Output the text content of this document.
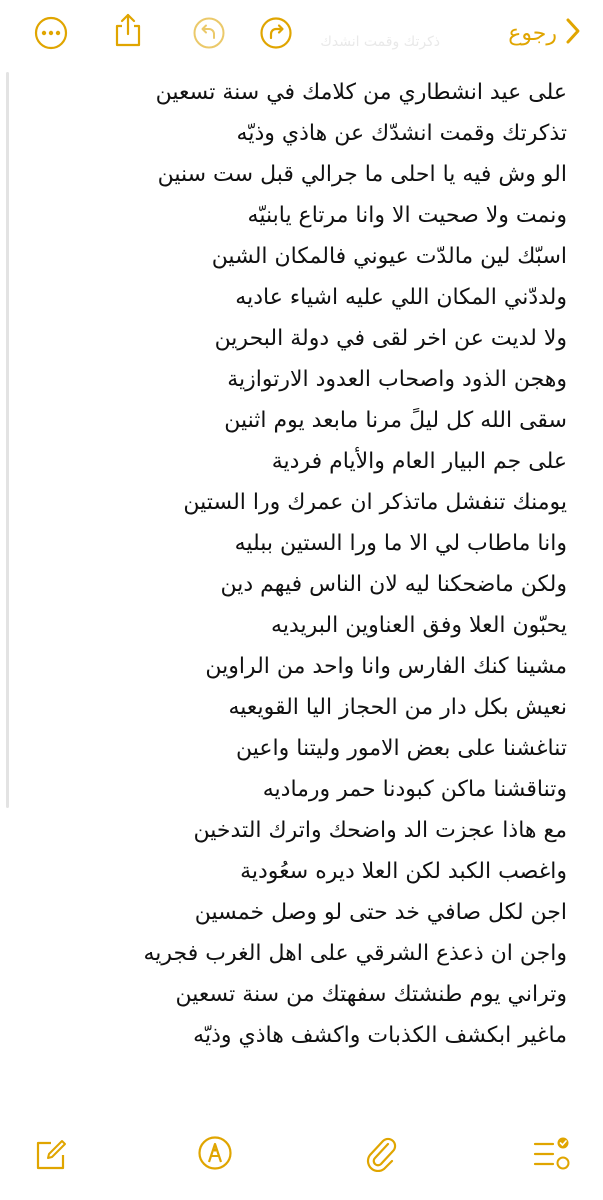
ذكرتك وقمت انشدك	رجوع
على عيد انشطاري من كلامك في سنة تسعين
تذكرتك وقمت انشدّك عن هاذي وذيّه
الو وش فيه يا احلى ما جرالي قبل ست سنين
ونمت ولا صحيت الا وانا مرتاع يابنيّه
اسبّك لين مالدّت عيوني فالمكان الشين
ولددّني المكان اللي عليه اشياء عاديه
ولا لديت عن اخر لقى في دولة البحرين
وهجن الذود واصحاب العدود الارتوازية
سقى الله كل ليلً مرنا مابعد يوم اثنين
على جم البيار العام والأيام فردية
يومنك تنفشل ماتذكر ان عمرك ورا الستين
وانا ماطاب لي الا ما ورا الستين ببليه
ولكن ماضحكنا ليه لان الناس فيهم دين
يحبّون العلا وفق العناوين البريديه
مشينا كنك الفارس وانا واحد من الراوين
نعيش بكل دار من الحجاز اليا القويعيه
تناغشنا على بعض الامور وليتنا واعين
وتناقشنا ماكن كبودنا حمر ورماديه
مع هاذا عجزت الد واضحك واترك التدخين
واغصب الكبد لكن العلا ديره سعُودية
اجن لكل صافي خد حتى لو وصل خمسين
واجن ان ذعذع الشرقي على اهل الغرب فجريه
وتراني يوم طنشتك سفهتك من سنة تسعين
ماغير ابكشف الكذبات واكشف هاذي وذيّه
